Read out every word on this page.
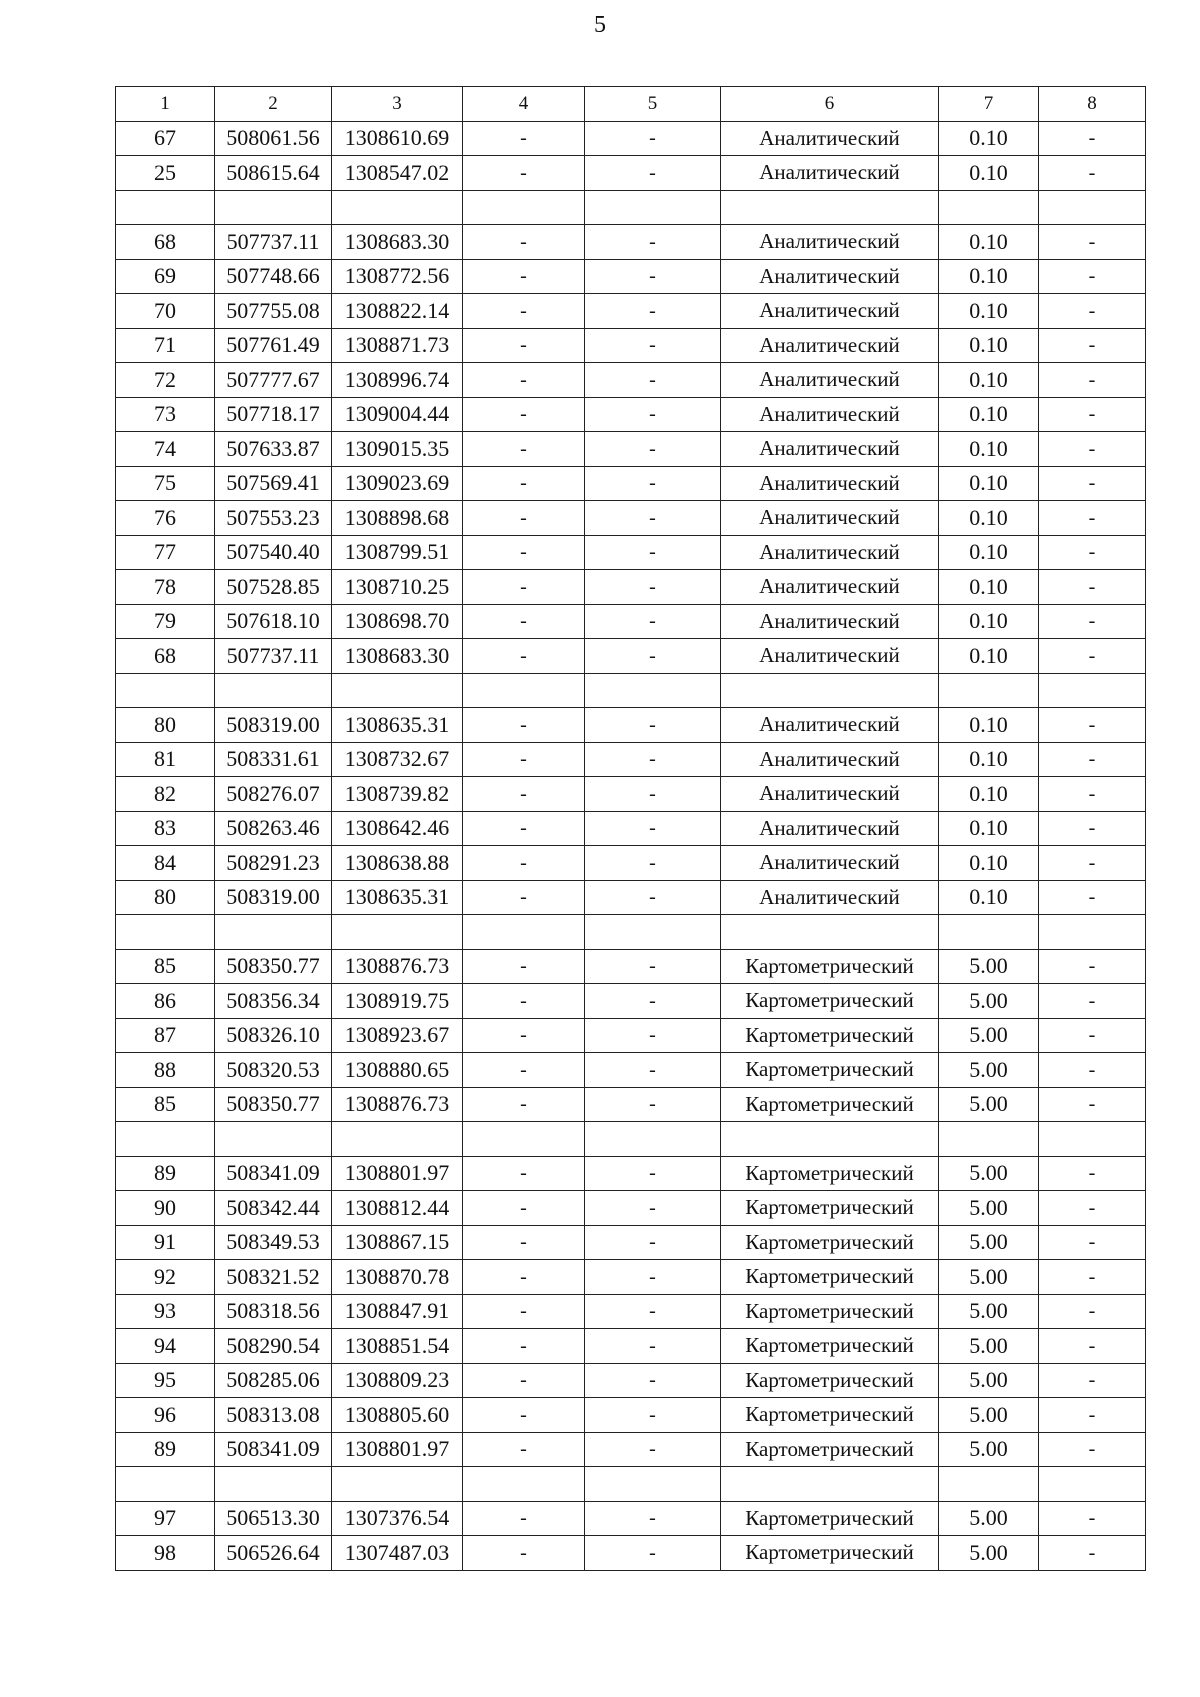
5
1	2	3	4	5	6	7	8
67	508061.56	1308610.69	-	-	Аналитический	0.10	-
25	508615.64	1308547.02	-	-	Аналитический	0.10	-

68	507737.11	1308683.30	-	-	Аналитический	0.10	-
69	507748.66	1308772.56	-	-	Аналитический	0.10	-
70	507755.08	1308822.14	-	-	Аналитический	0.10	-
71	507761.49	1308871.73	-	-	Аналитический	0.10	-
72	507777.67	1308996.74	-	-	Аналитический	0.10	-
73	507718.17	1309004.44	-	-	Аналитический	0.10	-
74	507633.87	1309015.35	-	-	Аналитический	0.10	-
75	507569.41	1309023.69	-	-	Аналитический	0.10	-
76	507553.23	1308898.68	-	-	Аналитический	0.10	-
77	507540.40	1308799.51	-	-	Аналитический	0.10	-
78	507528.85	1308710.25	-	-	Аналитический	0.10	-
79	507618.10	1308698.70	-	-	Аналитический	0.10	-
68	507737.11	1308683.30	-	-	Аналитический	0.10	-

80	508319.00	1308635.31	-	-	Аналитический	0.10	-
81	508331.61	1308732.67	-	-	Аналитический	0.10	-
82	508276.07	1308739.82	-	-	Аналитический	0.10	-
83	508263.46	1308642.46	-	-	Аналитический	0.10	-
84	508291.23	1308638.88	-	-	Аналитический	0.10	-
80	508319.00	1308635.31	-	-	Аналитический	0.10	-

85	508350.77	1308876.73	-	-	Картометрический	5.00	-
86	508356.34	1308919.75	-	-	Картометрический	5.00	-
87	508326.10	1308923.67	-	-	Картометрический	5.00	-
88	508320.53	1308880.65	-	-	Картометрический	5.00	-
85	508350.77	1308876.73	-	-	Картометрический	5.00	-

89	508341.09	1308801.97	-	-	Картометрический	5.00	-
90	508342.44	1308812.44	-	-	Картометрический	5.00	-
91	508349.53	1308867.15	-	-	Картометрический	5.00	-
92	508321.52	1308870.78	-	-	Картометрический	5.00	-
93	508318.56	1308847.91	-	-	Картометрический	5.00	-
94	508290.54	1308851.54	-	-	Картометрический	5.00	-
95	508285.06	1308809.23	-	-	Картометрический	5.00	-
96	508313.08	1308805.60	-	-	Картометрический	5.00	-
89	508341.09	1308801.97	-	-	Картометрический	5.00	-

97	506513.30	1307376.54	-	-	Картометрический	5.00	-
98	506526.64	1307487.03	-	-	Картометрический	5.00	-
